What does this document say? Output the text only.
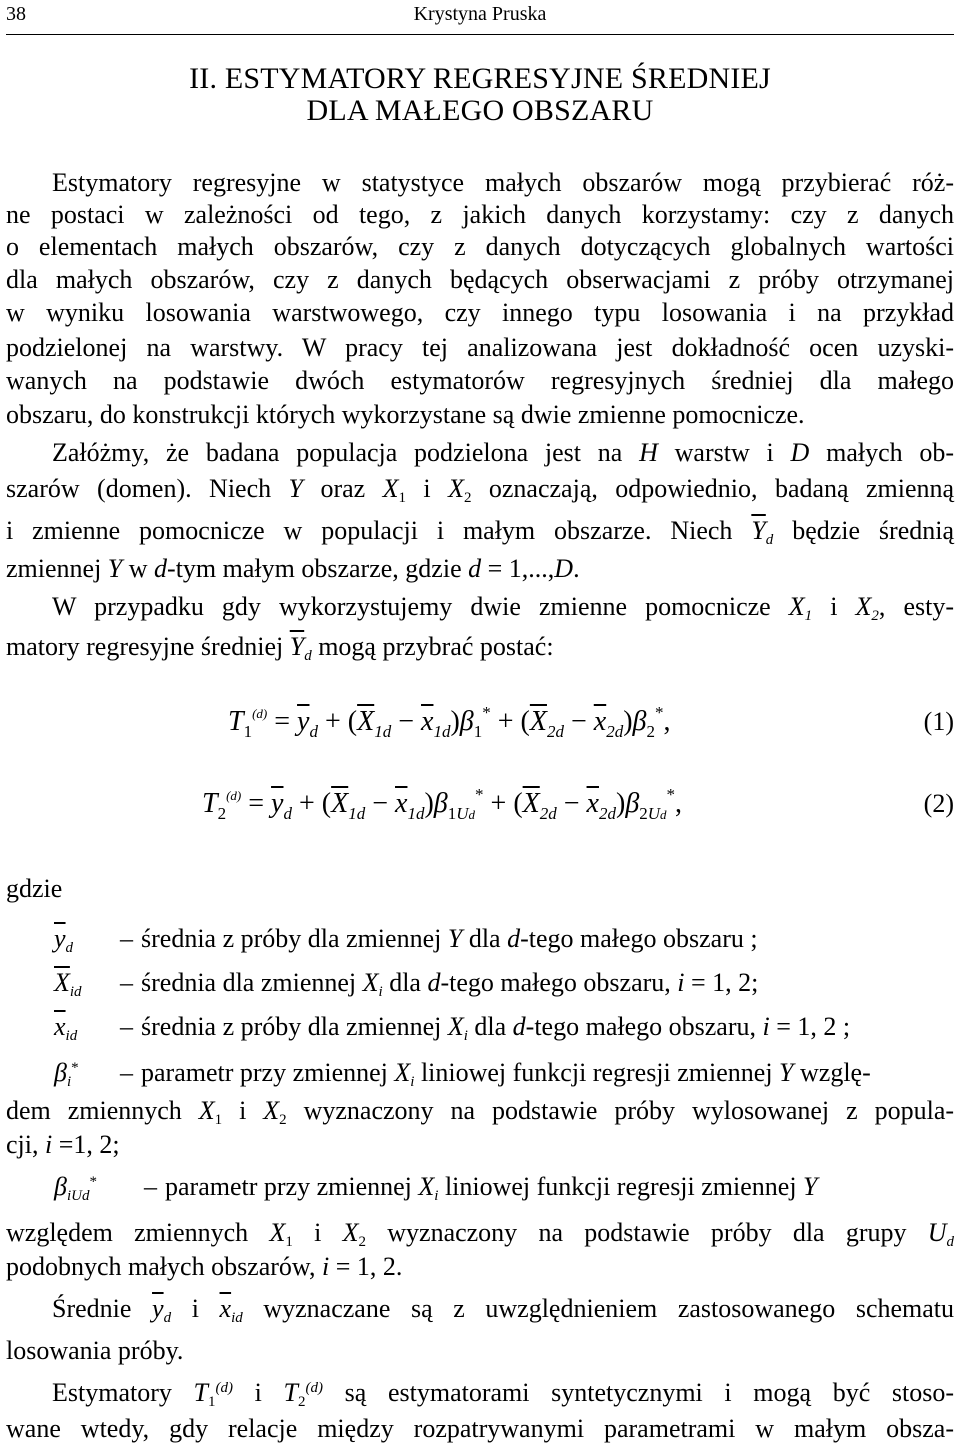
38	Krystyna Pruska
II. ESTYMATORY REGRESYJNE ŚREDNIEJ
DLA MAŁEGO OBSZARU
Estymatory regresyjne w statystyce małych obszarów mogą przybierać róż-
ne postaci w zależności od tego, z jakich danych korzystamy: czy z danych
o elementach małych obszarów, czy z danych dotyczących globalnych wartości
dla małych obszarów, czy z danych będących obserwacjami z próby otrzymanej
w wyniku losowania warstwowego, czy innego typu losowania i na przykład
podzielonej na warstwy. W pracy tej analizowana jest dokładność ocen uzyski-
wanych na podstawie dwóch estymatorów regresyjnych średniej dla małego
obszaru, do konstrukcji których wykorzystane są dwie zmienne pomocnicze.
Załóżmy, że badana populacja podzielona jest na H warstw i D małych ob-
szarów (domen). Niech Y oraz $X_1$ i $X_2$ oznaczają, odpowiednio, badaną zmienną
i zmienne pomocnicze w populacji i małym obszarze. Niech $\overline{Y}_d$ będzie średnią
zmiennej Y w d-tym małym obszarze, gdzie d = 1,...,D.
W przypadku gdy wykorzystujemy dwie zmienne pomocnicze $X_1$ i $X_2$, esty-
matory regresyjne średniej $\overline{Y}_d$ mogą przybrać postać:
$T_1^{(d)} = \overline{y}_d + (\overline{X}_{1d} - \overline{x}_{1d})\beta_1^* + (\overline{X}_{2d} - \overline{x}_{2d})\beta_2^*$,	(1)
$T_2^{(d)} = \overline{y}_d + (\overline{X}_{1d} - \overline{x}_{1d})\beta_{1Ud}^* + (\overline{X}_{2d} - \overline{x}_{2d})\beta_{2Ud}^*$,	(2)
gdzie
$\overline{y}_d$ – średnia z próby dla zmiennej Y dla d-tego małego obszaru ;
$\overline{X}_{id}$ – średnia dla zmiennej $X_i$ dla d-tego małego obszaru, i = 1, 2;
$\overline{x}_{id}$ – średnia z próby dla zmiennej $X_i$ dla d-tego małego obszaru, i = 1, 2 ;
$\beta_i^*$ – parametr przy zmiennej $X_i$ liniowej funkcji regresji zmiennej Y wzglę-
dem zmiennych $X_1$ i $X_2$ wyznaczony na podstawie próby wylosowanej z popula-
cji, i =1, 2;
$\beta_{iUd}^*$ – parametr przy zmiennej $X_i$ liniowej funkcji regresji zmiennej Y
względem zmiennych $X_1$ i $X_2$ wyznaczony na podstawie próby dla grupy $U_d$
podobnych małych obszarów, i = 1, 2.
Średnie $\overline{y}_d$ i $\overline{x}_{id}$ wyznaczane są z uwzględnieniem zastosowanego schematu
losowania próby.
Estymatory $T_1^{(d)}$ i $T_2^{(d)}$ są estymatorami syntetycznymi i mogą być stoso-
wane wtedy, gdy relacje między rozpatrywanymi parametrami w małym obsza-
